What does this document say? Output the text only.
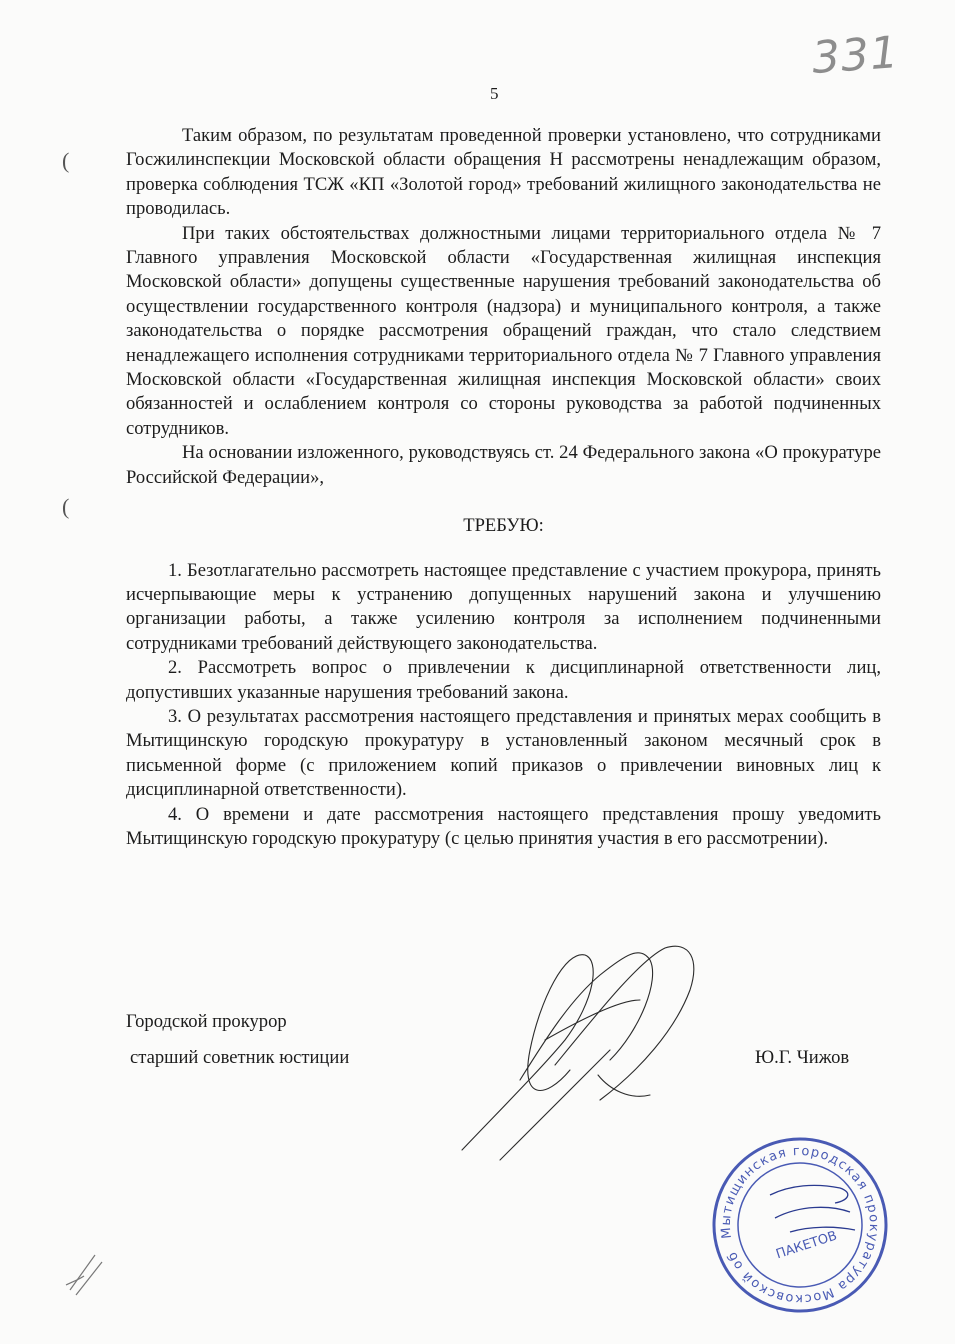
331
5
(
(

Таким образом, по результатам проведенной проверки установлено, что сотрудниками Госжилинспекции Московской области обращения Н рассмотрены ненадлежащим образом, проверка соблюдения ТСЖ «КП «Золотой город» требований жилищного законодательства не проводилась.

При таких обстоятельствах должностными лицами территориального отдела № 7 Главного управления Московской области «Государственная жилищная инспекция Московской области» допущены существенные нарушения требований законодательства об осуществлении государственного контроля (надзора) и муниципального контроля, а также законодательства о порядке рассмотрения обращений граждан, что стало следствием ненадлежащего исполнения сотрудниками территориального отдела № 7 Главного управления Московской области «Государственная жилищная инспекция Московской области» своих обязанностей и ослаблением контроля со стороны руководства за работой подчиненных сотрудников.

На основании изложенного, руководствуясь ст. 24 Федерального закона «О прокуратуре Российской Федерации»,

ТРЕБУЮ:

1. Безотлагательно рассмотреть настоящее представление с участием прокурора, принять исчерпывающие меры к устранению допущенных нарушений закона и улучшению организации работы, а также усилению контроля за исполнением подчиненными сотрудниками требований действующего законодательства.

2. Рассмотреть вопрос о привлечении к дисциплинарной ответственности лиц, допустивших указанные нарушения требований закона.

3. О результатах рассмотрения настоящего представления и принятых мерах сообщить в Мытищинскую городскую прокуратуру в установленный законом месячный срок в письменной форме (с приложением копий приказов о привлечении виновных лиц к дисциплинарной ответственности).

4. О времени и дате рассмотрения настоящего представления прошу уведомить Мытищинскую городскую прокуратуру (с целью принятия участия в его рассмотрении).

Городской прокурор
старший советник юстиции	Ю.Г. Чижов
Мытищинская городская прокуратура Московской области
ПАКЕТОВ
